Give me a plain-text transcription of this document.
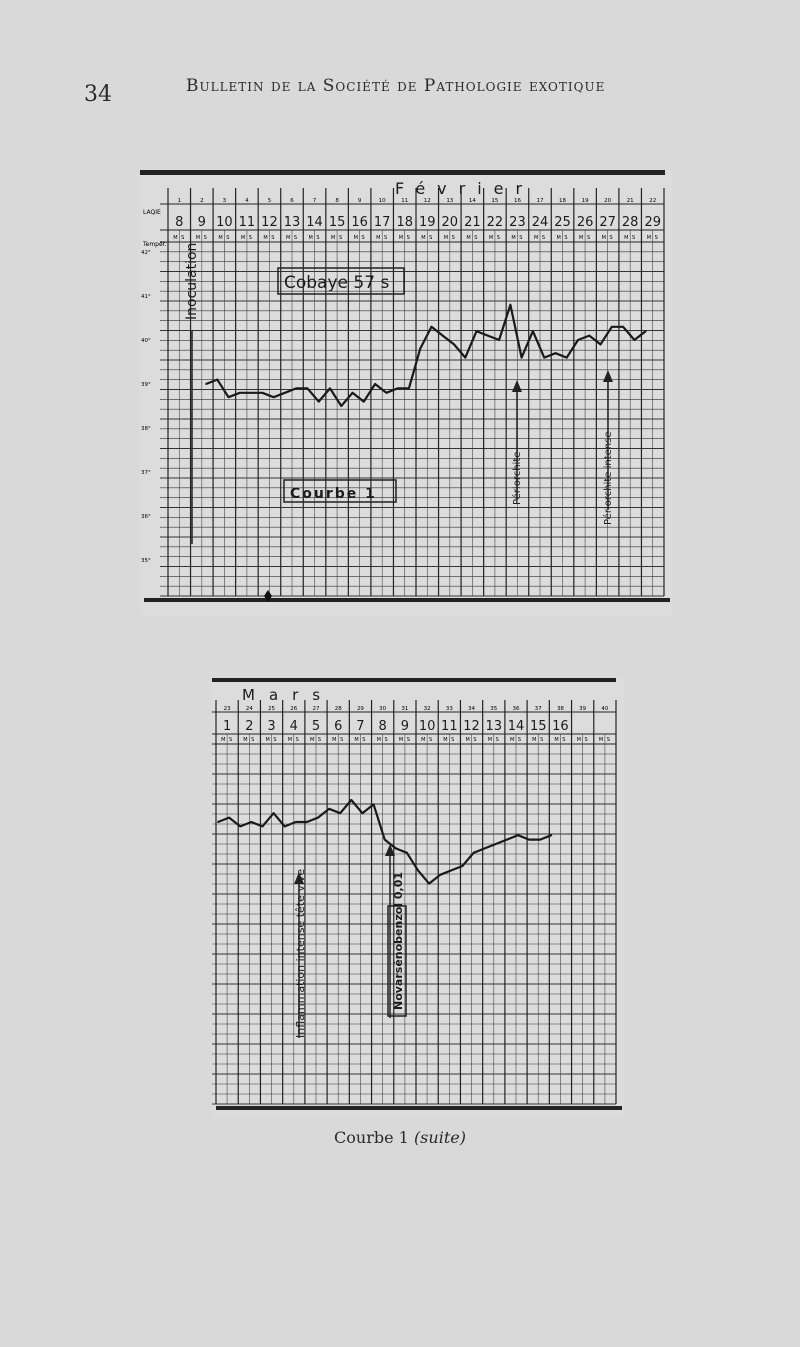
34	Bulletin de la Société de Pathologie exotique
Février
LAQIE
Tempér.
1	2	3	4	5	6	7	8	9	10	11	12	13	14	15	16	17	18	19	20	21	22
8 9 10 11 12 13 14 15 16 17 18 19 20 21 22 23 24 25 26 27 28 29
M S M S M S M S M S M S M S M S M S M S M S M S M S M S M S M S M S M S M S M S M S M S
42°
41°
40°
39°
38°
37°
36°
35°
Cobaye 57 s
Courbe 1
Inoculation
Périorchite	Périorchite intense
Mars
23	24	25	26	27	28	29	30	31	32	33	34	35	36	37	38	39	40
1 2 3 4 5 6 7 8 9 10 11 12 13 14 15 16
M S M S M S M S M S M S M S M S M S M S M S M S M S M S M S M S M S M S
Inflammation intense tête vive	Novarsénobenzol 0,01
Courbe 1 (suite)
